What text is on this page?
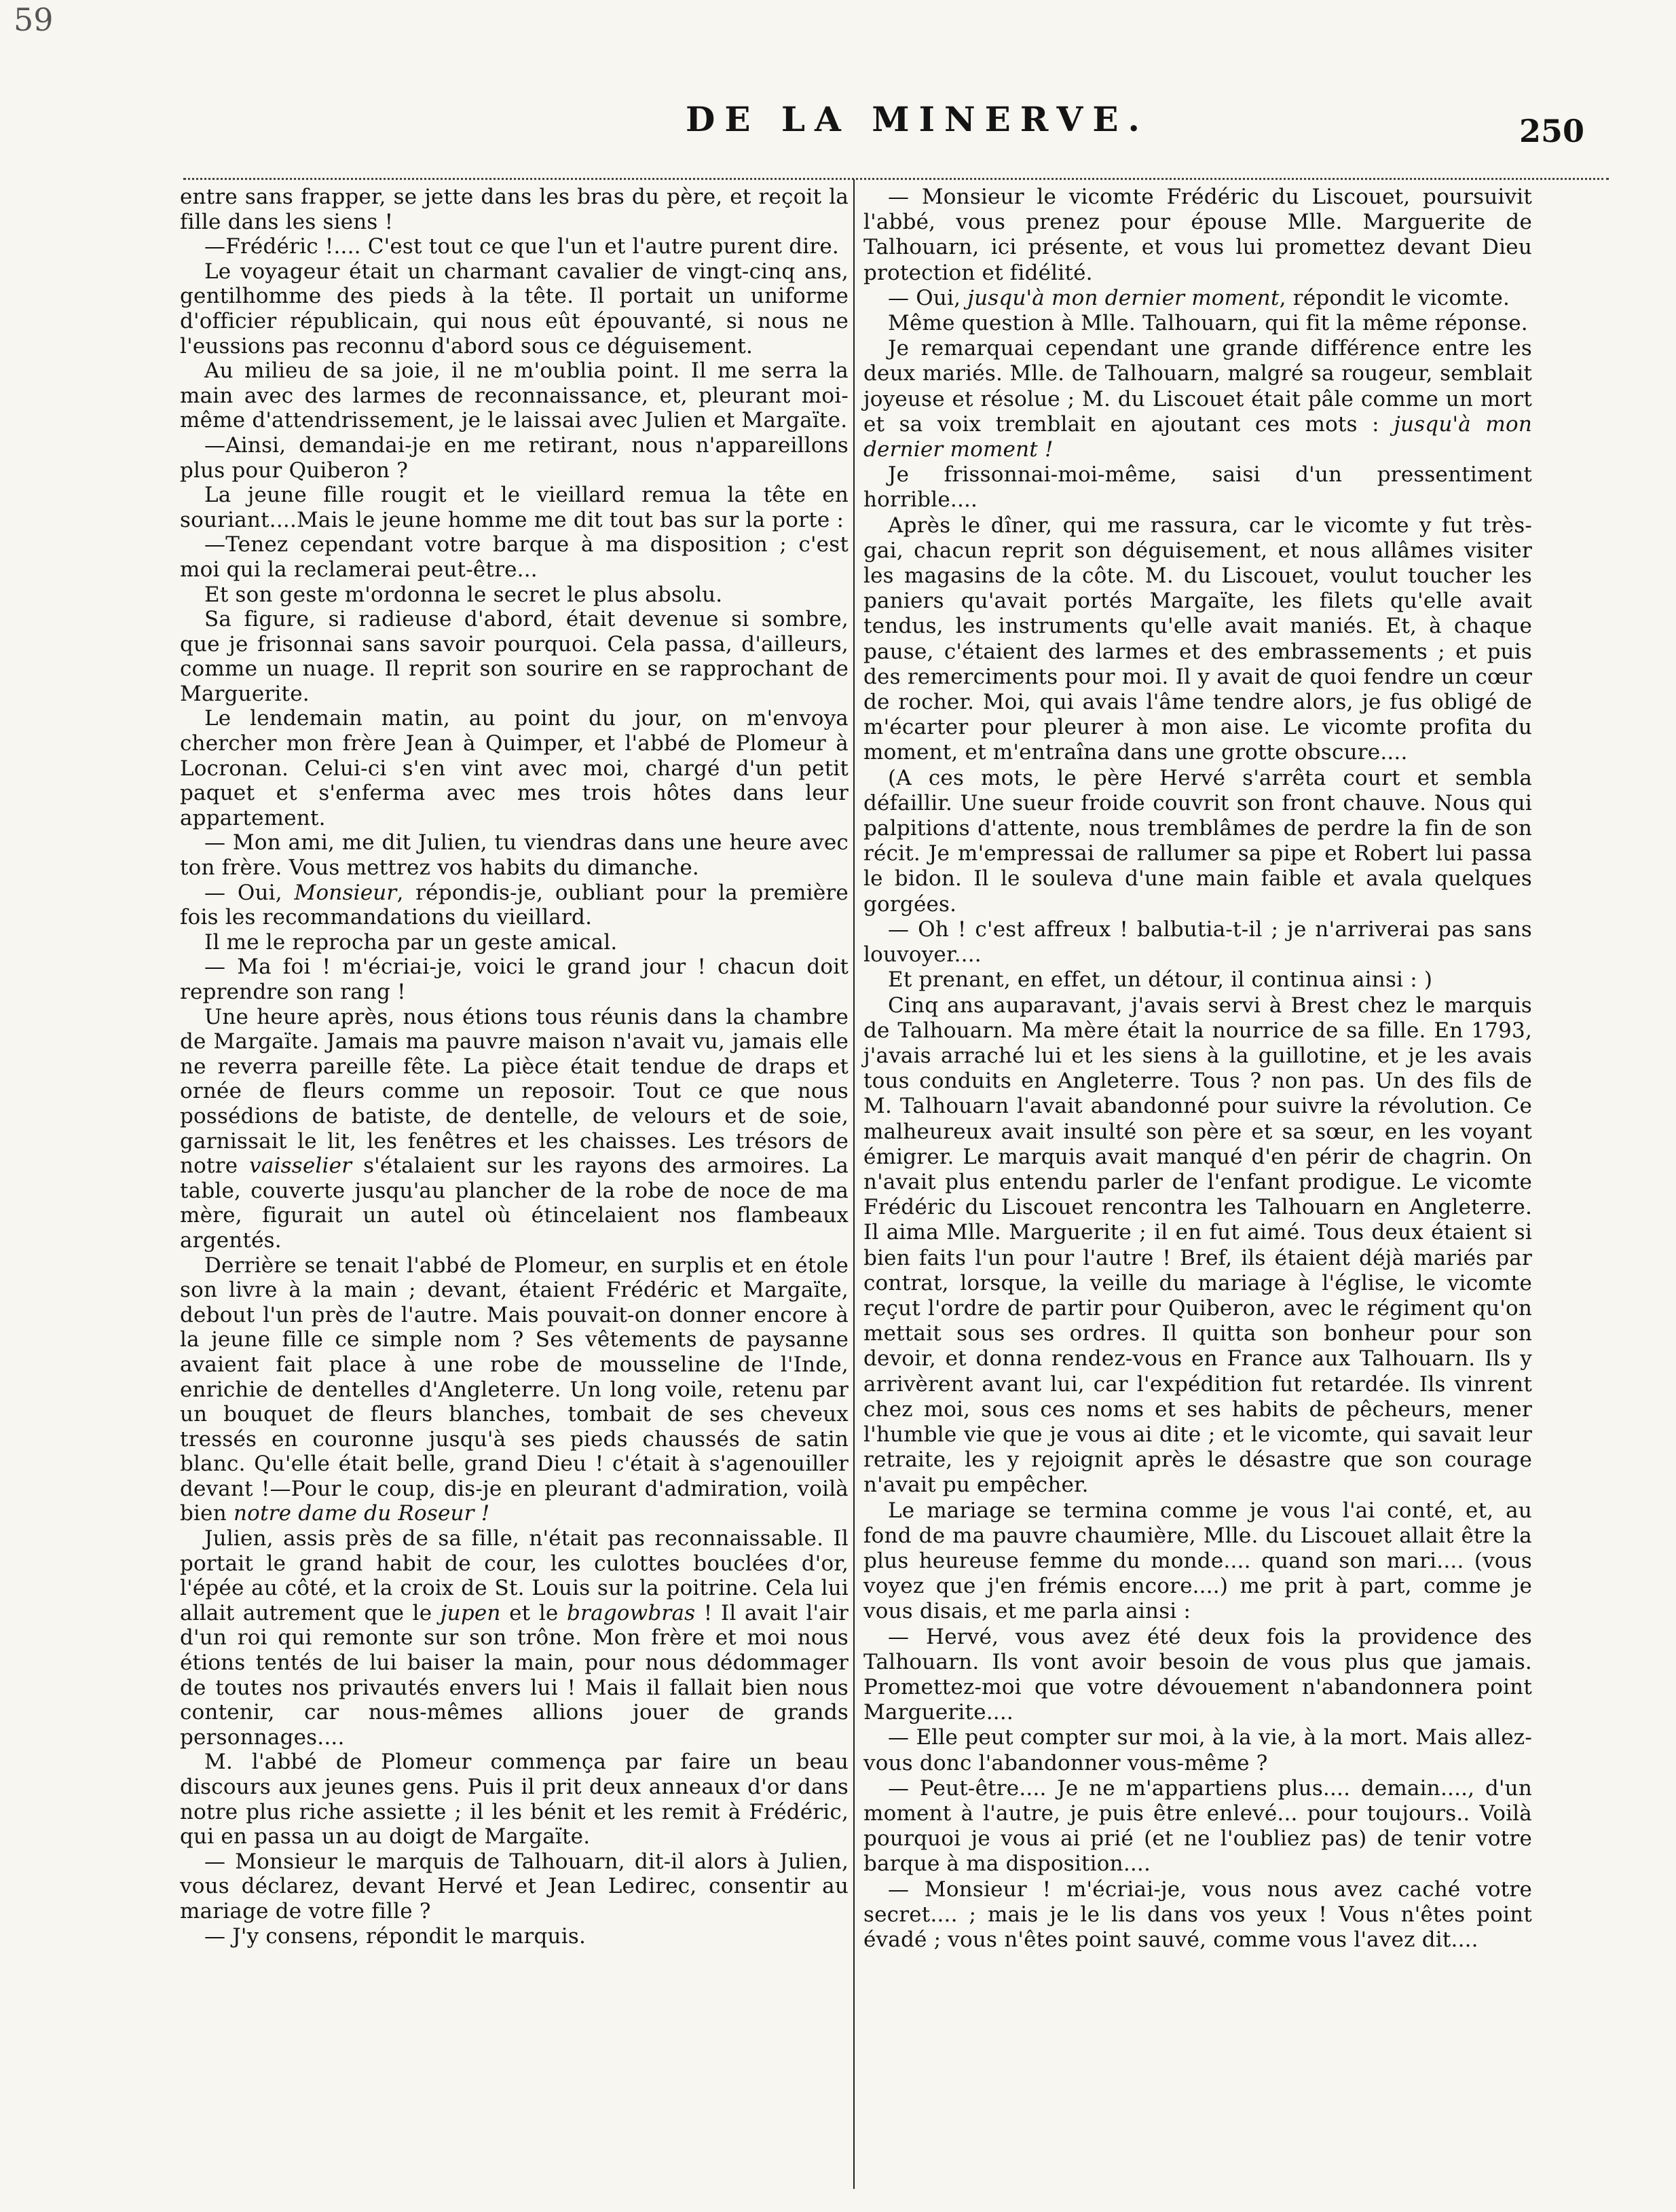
59
DE LA MINERVE.	250

entre sans frapper, se jette dans les bras du père, et reçoit la fille dans les siens !

—Frédéric !.... C'est tout ce que l'un et l'autre purent dire.

Le voyageur était un charmant cavalier de vingt-cinq ans, gentilhomme des pieds à la tête. Il portait un uniforme d'officier républicain, qui nous eût épouvanté, si nous ne l'eussions pas reconnu d'abord sous ce déguisement.

Au milieu de sa joie, il ne m'oublia point. Il me serra la main avec des larmes de reconnaissance, et, pleurant moi-même d'attendrissement, je le laissai avec Julien et Margaïte.

—Ainsi, demandai-je en me retirant, nous n'appareillons plus pour Quiberon ?

La jeune fille rougit et le vieillard remua la tête en souriant....Mais le jeune homme me dit tout bas sur la porte :

—Tenez cependant votre barque à ma disposition ; c'est moi qui la reclamerai peut-être...

Et son geste m'ordonna le secret le plus absolu.

Sa figure, si radieuse d'abord, était devenue si sombre, que je frisonnai sans savoir pourquoi. Cela passa, d'ailleurs, comme un nuage. Il reprit son sourire en se rapprochant de Marguerite.

Le lendemain matin, au point du jour, on m'envoya chercher mon frère Jean à Quimper, et l'abbé de Plomeur à Locronan. Celui-ci s'en vint avec moi, chargé d'un petit paquet et s'enferma avec mes trois hôtes dans leur appartement.

— Mon ami, me dit Julien, tu viendras dans une heure avec ton frère. Vous mettrez vos habits du dimanche.

— Oui, Monsieur, répondis-je, oubliant pour la première fois les recommandations du vieillard.

Il me le reprocha par un geste amical.

— Ma foi ! m'écriai-je, voici le grand jour ! chacun doit reprendre son rang !

Une heure après, nous étions tous réunis dans la chambre de Margaïte. Jamais ma pauvre maison n'avait vu, jamais elle ne reverra pareille fête. La pièce était tendue de draps et ornée de fleurs comme un reposoir. Tout ce que nous possédions de batiste, de dentelle, de velours et de soie, garnissait le lit, les fenêtres et les chaisses. Les trésors de notre vaisselier s'étalaient sur les rayons des armoires. La table, couverte jusqu'au plancher de la robe de noce de ma mère, figurait un autel où étincelaient nos flambeaux argentés.

Derrière se tenait l'abbé de Plomeur, en surplis et en étole son livre à la main ; devant, étaient Frédéric et Margaïte, debout l'un près de l'autre. Mais pouvait-on donner encore à la jeune fille ce simple nom ? Ses vêtements de paysanne avaient fait place à une robe de mousseline de l'Inde, enrichie de dentelles d'Angleterre. Un long voile, retenu par un bouquet de fleurs blanches, tombait de ses cheveux tressés en couronne jusqu'à ses pieds chaussés de satin blanc. Qu'elle était belle, grand Dieu ! c'était à s'agenouiller devant !—Pour le coup, dis-je en pleurant d'admiration, voilà bien notre dame du Roseur !

Julien, assis près de sa fille, n'était pas reconnaissable. Il portait le grand habit de cour, les culottes bouclées d'or, l'épée au côté, et la croix de St. Louis sur la poitrine. Cela lui allait autrement que le jupen et le bragowbras ! Il avait l'air d'un roi qui remonte sur son trône. Mon frère et moi nous étions tentés de lui baiser la main, pour nous dédommager de toutes nos privautés envers lui ! Mais il fallait bien nous contenir, car nous-mêmes allions jouer de grands personnages....

M. l'abbé de Plomeur commença par faire un beau discours aux jeunes gens. Puis il prit deux anneaux d'or dans notre plus riche assiette ; il les bénit et les remit à Frédéric, qui en passa un au doigt de Margaïte.

— Monsieur le marquis de Talhouarn, dit-il alors à Julien, vous déclarez, devant Hervé et Jean Ledirec, consentir au mariage de votre fille ?

— J'y consens, répondit le marquis.

— Monsieur le vicomte Frédéric du Liscouet, poursuivit l'abbé, vous prenez pour épouse Mlle. Marguerite de Talhouarn, ici présente, et vous lui promettez devant Dieu protection et fidélité.

— Oui, jusqu'à mon dernier moment, répondit le vicomte.

Même question à Mlle. Talhouarn, qui fit la même réponse.

Je remarquai cependant une grande différence entre les deux mariés. Mlle. de Talhouarn, malgré sa rougeur, semblait joyeuse et résolue ; M. du Liscouet était pâle comme un mort et sa voix tremblait en ajoutant ces mots : jusqu'à mon dernier moment !

Je frissonnai-moi-même, saisi d'un pressentiment horrible....

Après le dîner, qui me rassura, car le vicomte y fut très-gai, chacun reprit son déguisement, et nous allâmes visiter les magasins de la côte. M. du Liscouet, voulut toucher les paniers qu'avait portés Margaïte, les filets qu'elle avait tendus, les instruments qu'elle avait maniés. Et, à chaque pause, c'étaient des larmes et des embrassements ; et puis des remerciments pour moi. Il y avait de quoi fendre un cœur de rocher. Moi, qui avais l'âme tendre alors, je fus obligé de m'écarter pour pleurer à mon aise. Le vicomte profita du moment, et m'entraîna dans une grotte obscure....

(A ces mots, le père Hervé s'arrêta court et sembla défaillir. Une sueur froide couvrit son front chauve. Nous qui palpitions d'attente, nous tremblâmes de perdre la fin de son récit. Je m'empressai de rallumer sa pipe et Robert lui passa le bidon. Il le souleva d'une main faible et avala quelques gorgées.

— Oh ! c'est affreux ! balbutia-t-il ; je n'arriverai pas sans louvoyer....

Et prenant, en effet, un détour, il continua ainsi : )

Cinq ans auparavant, j'avais servi à Brest chez le marquis de Talhouarn. Ma mère était la nourrice de sa fille. En 1793, j'avais arraché lui et les siens à la guillotine, et je les avais tous conduits en Angleterre. Tous ? non pas. Un des fils de M. Talhouarn l'avait abandonné pour suivre la révolution. Ce malheureux avait insulté son père et sa sœur, en les voyant émigrer. Le marquis avait manqué d'en périr de chagrin. On n'avait plus entendu parler de l'enfant prodigue. Le vicomte Frédéric du Liscouet rencontra les Talhouarn en Angleterre. Il aima Mlle. Marguerite ; il en fut aimé. Tous deux étaient si bien faits l'un pour l'autre ! Bref, ils étaient déjà mariés par contrat, lorsque, la veille du mariage à l'église, le vicomte reçut l'ordre de partir pour Quiberon, avec le régiment qu'on mettait sous ses ordres. Il quitta son bonheur pour son devoir, et donna rendez-vous en France aux Talhouarn. Ils y arrivèrent avant lui, car l'expédition fut retardée. Ils vinrent chez moi, sous ces noms et ses habits de pêcheurs, mener l'humble vie que je vous ai dite ; et le vicomte, qui savait leur retraite, les y rejoignit après le désastre que son courage n'avait pu empêcher.

Le mariage se termina comme je vous l'ai conté, et, au fond de ma pauvre chaumière, Mlle. du Liscouet allait être la plus heureuse femme du monde.... quand son mari.... (vous voyez que j'en frémis encore....) me prit à part, comme je vous disais, et me parla ainsi :

— Hervé, vous avez été deux fois la providence des Talhouarn. Ils vont avoir besoin de vous plus que jamais. Promettez-moi que votre dévouement n'abandonnera point Marguerite....

— Elle peut compter sur moi, à la vie, à la mort. Mais allez-vous donc l'abandonner vous-même ?

— Peut-être.... Je ne m'appartiens plus.... demain...., d'un moment à l'autre, je puis être enlevé... pour toujours.. Voilà pourquoi je vous ai prié (et ne l'oubliez pas) de tenir votre barque à ma disposition....

— Monsieur ! m'écriai-je, vous nous avez caché votre secret.... ; mais je le lis dans vos yeux ! Vous n'êtes point évadé ; vous n'êtes point sauvé, comme vous l'avez dit....
